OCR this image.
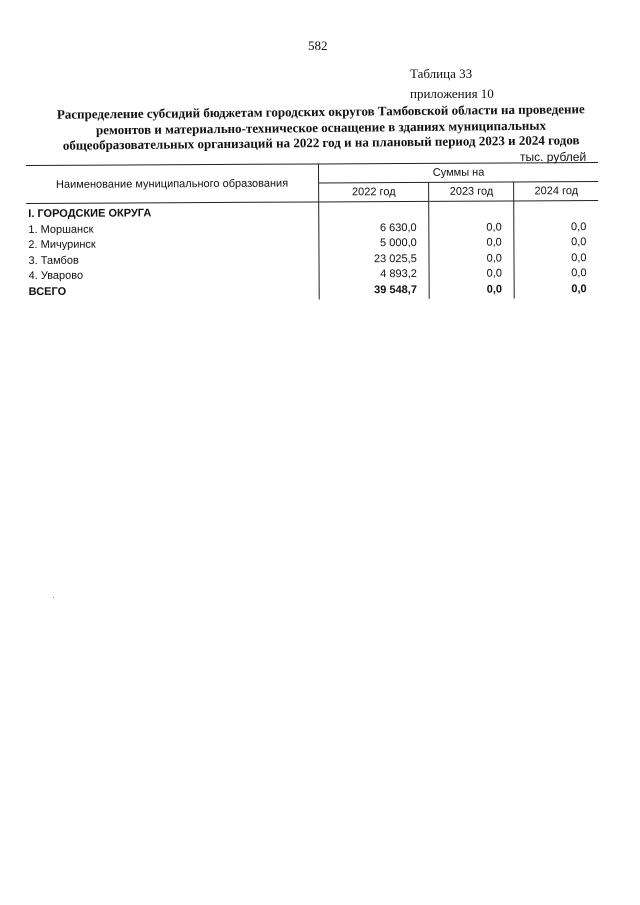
582
Таблица 33
приложения 10
Распределение субсидий бюджетам городских округов Тамбовской области на проведение
ремонтов и материально-техническое оснащение в зданиях муниципальных
общеобразовательных организаций на 2022 год и на плановый период 2023 и 2024 годов
тыс. рублей
Наименование муниципального образования	Суммы на		
	2022 год	2023 год	2024 год

I. ГОРОДСКИЕ ОКРУГА			
1. Моршанск	6 630,0	0,0	0,0
2. Мичуринск	5 000,0	0,0	0,0
3. Тамбов	23 025,5	0,0	0,0
4. Уварово	4 893,2	0,0	0,0
ВСЕГО	39 548,7	0,0	0,0
